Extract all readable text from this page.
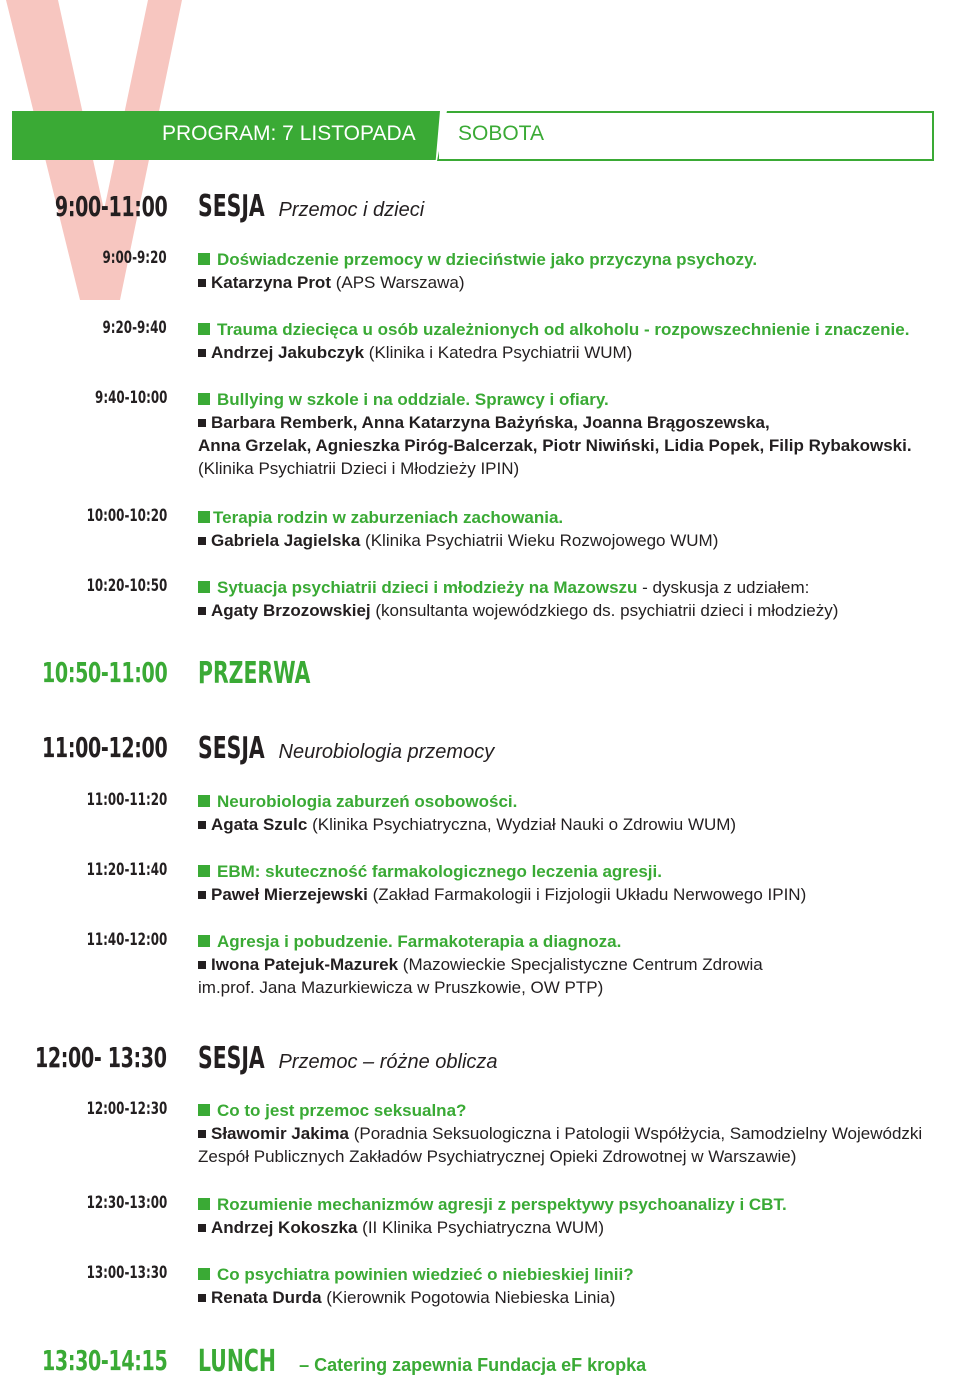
PROGRAM: 7 LISTOPADA SOBOTA
9:00-11:00 SESJA Przemoc i dzieci
9:00-9:20	Doświadczenie przemocy w dzieciństwie jako przyczyna psychozy.
Katarzyna Prot (APS Warszawa)
9:20-9:40	Trauma dziecięca u osób uzależnionych od alkoholu - rozpowszechnienie i znaczenie.
Andrzej Jakubczyk (Klinika i Katedra Psychiatrii WUM)
9:40-10:00	Bullying w szkole i na oddziale. Sprawcy i ofiary.
Barbara Remberk, Anna Katarzyna Bażyńska, Joanna Brągoszewska,
Anna Grzelak, Agnieszka Piróg-Balcerzak, Piotr Niwiński, Lidia Popek, Filip Rybakowski.
(Klinika Psychiatrii Dzieci i Młodzieży IPIN)
10:00-10:20	Terapia rodzin w zaburzeniach zachowania.
Gabriela Jagielska (Klinika Psychiatrii Wieku Rozwojowego WUM)
10:20-10:50	Sytuacja psychiatrii dzieci i młodzieży na Mazowszu - dyskusja z udziałem:
Agaty Brzozowskiej (konsultanta wojewódzkiego ds. psychiatrii dzieci i młodzieży)
10:50-11:00 PRZERWA
11:00-12:00 SESJA Neurobiologia przemocy
11:00-11:20	Neurobiologia zaburzeń osobowości.
Agata Szulc (Klinika Psychiatryczna, Wydział Nauki o Zdrowiu WUM)
11:20-11:40	EBM: skuteczność farmakologicznego leczenia agresji.
Paweł Mierzejewski (Zakład Farmakologii i Fizjologii Układu Nerwowego IPIN)
11:40-12:00	Agresja i pobudzenie. Farmakoterapia a diagnoza.
Iwona Patejuk-Mazurek (Mazowieckie Specjalistyczne Centrum Zdrowia
im.prof. Jana Mazurkiewicza w Pruszkowie, OW PTP)
12:00- 13:30 SESJA Przemoc – różne oblicza
12:00-12:30	Co to jest przemoc seksualna?
Sławomir Jakima (Poradnia Seksuologiczna i Patologii Współżycia, Samodzielny Wojewódzki
Zespół Publicznych Zakładów Psychiatrycznej Opieki Zdrowotnej w Warszawie)
12:30-13:00	Rozumienie mechanizmów agresji z perspektywy psychoanalizy i CBT.
Andrzej Kokoszka (II Klinika Psychiatryczna WUM)
13:00-13:30	Co psychiatra powinien wiedzieć o niebieskiej linii?
Renata Durda (Kierownik Pogotowia Niebieska Linia)
13:30-14:15 LUNCH – Catering zapewnia Fundacja eF kropka
